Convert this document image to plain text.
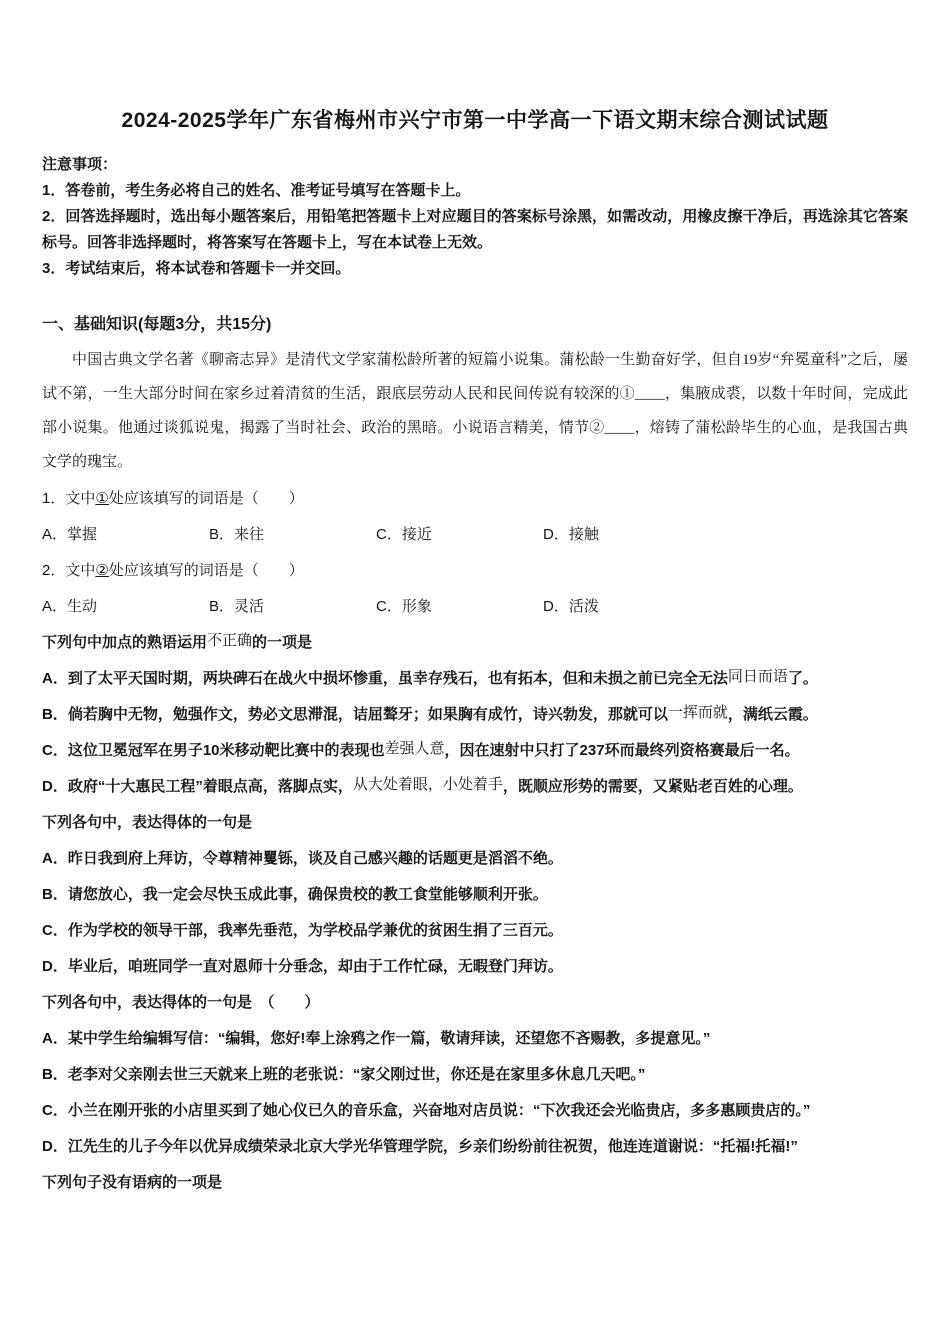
2024-2025学年广东省梅州市兴宁市第一中学高一下语文期末综合测试试题
注意事项：
1．答卷前，考生务必将自己的姓名、准考证号填写在答题卡上。
2．回答选择题时，选出每小题答案后，用铅笔把答题卡上对应题目的答案标号涂黑，如需改动，用橡皮擦干净后，再选涂其它答案标号。回答非选择题时，将答案写在答题卡上，写在本试卷上无效。
3．考试结束后，将本试卷和答题卡一并交回。
一、基础知识(每题3分，共15分)

中国古典文学名著《聊斋志异》是清代文学家蒲松龄所著的短篇小说集。蒲松龄一生勤奋好学，但自19岁“弁冕童科”之后，屡试不第，一生大部分时间在家乡过着清贫的生活，跟底层劳动人民和民间传说有较深的①____，集腋成裘，以数十年时间，完成此部小说集。他通过谈狐说鬼，揭露了当时社会、政治的黑暗。小说语言精美，情节②____，熔铸了蒲松龄毕生的心血，是我国古典文学的瑰宝。

1．文中①处应该填写的词语是（　　）
A．掌握	B．来往	C．接近	D．接触
2．文中②处应该填写的词语是（　　）
A．生动	B．灵活	C．形象	D．活泼
下列句中加点的熟语运用不正确的一项是
A．到了太平天国时期，两块碑石在战火中损坏惨重，虽幸存残石，也有拓本，但和未损之前已完全无法同日而语了。
B．倘若胸中无物，勉强作文，势必文思滞混，诘屈聱牙；如果胸有成竹，诗兴勃发，那就可以一挥而就，满纸云霞。
C．这位卫冕冠军在男子10米移动靶比赛中的表现也差强人意，因在速射中只打了237环而最终列资格赛最后一名。
D．政府“十大惠民工程”着眼点高，落脚点实，从大处着眼，小处着手，既顺应形势的需要，又紧贴老百姓的心理。
下列各句中，表达得体的一句是
A．昨日我到府上拜访，令尊精神矍铄，谈及自己感兴趣的话题更是滔滔不绝。
B．请您放心，我一定会尽快玉成此事，确保贵校的教工食堂能够顺利开张。
C．作为学校的领导干部，我率先垂范，为学校品学兼优的贫困生捐了三百元。
D．毕业后，咱班同学一直对恩师十分垂念，却由于工作忙碌，无暇登门拜访。
下列各句中，表达得体的一句是　（　　）
A．某中学生给编辑写信：“编辑，您好!奉上涂鸦之作一篇，敬请拜读，还望您不吝赐教，多提意见。”
B．老李对父亲刚去世三天就来上班的老张说：“家父刚过世，你还是在家里多休息几天吧。”
C．小兰在刚开张的小店里买到了她心仪已久的音乐盒，兴奋地对店员说：“下次我还会光临贵店，多多惠顾贵店的。”
D．江先生的儿子今年以优异成绩荣录北京大学光华管理学院，乡亲们纷纷前往祝贺，他连连道谢说：“托福!托福!”
下列句子没有语病的一项是
